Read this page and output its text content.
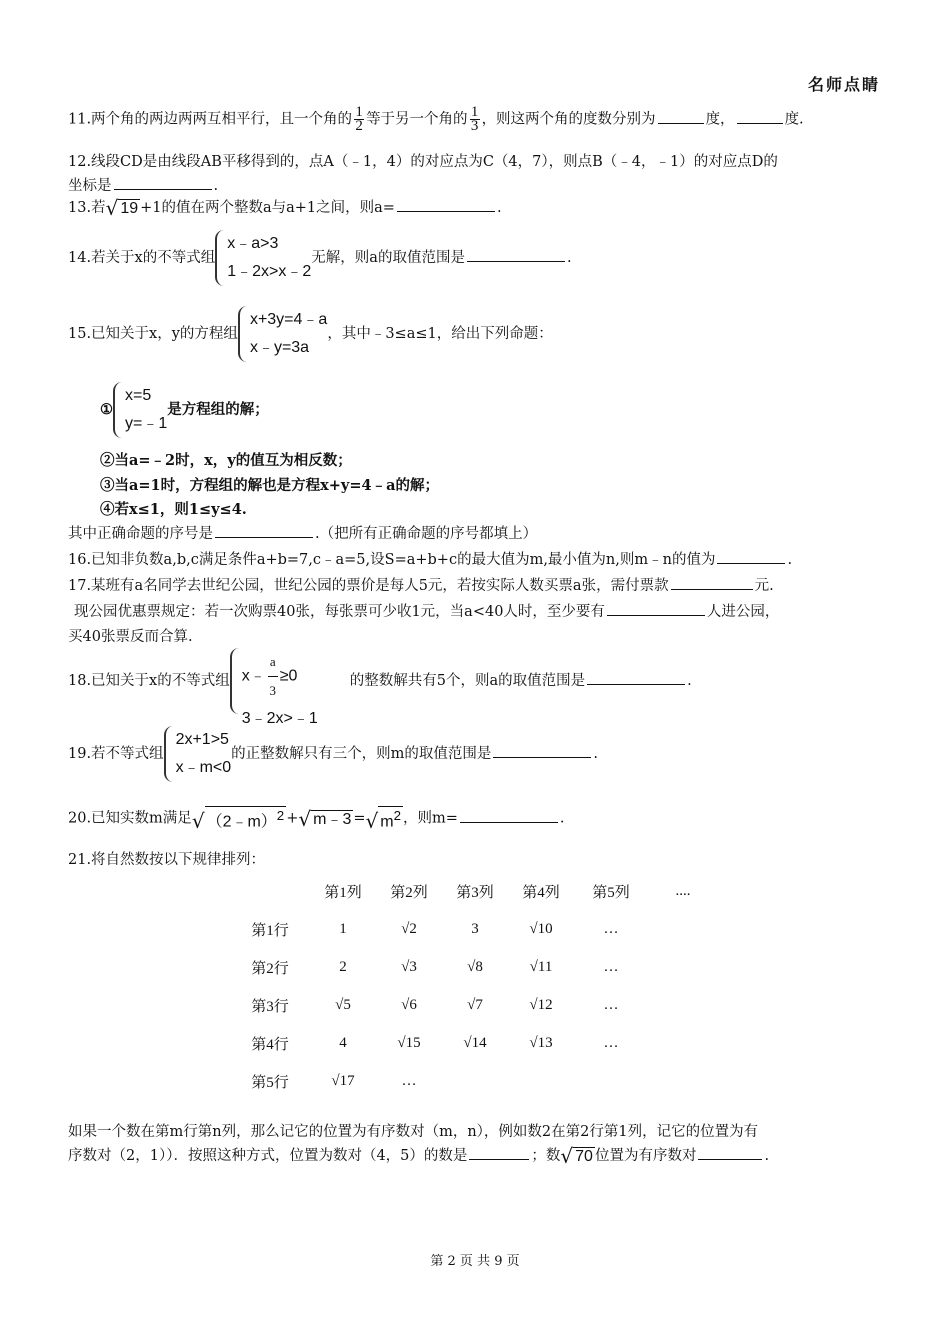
名师点睛
11.两个角的两边两两互相平行，且一个角的 $\frac{1}{2}$ 等于另一个角的 $\frac{1}{3}$ ，则这两个角的度数分别为	度，	度.
12.线段CD是由线段AB平移得到的，点A（﹣1，4）的对应点为C（4，7），则点B（﹣4，﹣1）的对应点D的
坐标是	.
13.若 √ 19 +1的值在两个整数a与a+1之间，则a=	.
14.若关于x的不等式组
x﹣a>3
1﹣2x>x﹣2
无解，则a的取值范围是	.
15.已知关于x，y的方程组
x+3y=4﹣a
x﹣y=3a
，其中﹣3≤a≤1，给出下列命题：
①
x=5
y=﹣1
是方程组的解；
②当a=﹣2时，x，y的值互为相反数；
③当a=1时，方程组的解也是方程x+y=4﹣a的解；
④若x≤1，则1≤y≤4.
其中正确命题的序号是	.（把所有正确命题的序号都填上）
16.已知非负数a,b,c满足条件a+b=7,c﹣a=5,设S=a+b+c的最大值为m,最小值为n,则m﹣n的值为	.
17.某班有a名同学去世纪公园，世纪公园的票价是每人5元，若按实际人数买票a张，需付票款	元.
现公园优惠票规定：若一次购票40张，每张票可少收1元，当a<40人时，至少要有	人进公园，
买40张票反而合算.
18.已知关于x的不等式组 x﹣ $\frac{a}{3} \ge 0$
3﹣2x>﹣1
的整数解共有5个，则a的取值范围是	.
19.若不等式组
2x+1>5
x﹣m<0
的正整数解只有三个，则m的取值范围是	.
20.已知实数m满足 √ （2﹣m）$^2$ + √ m﹣3 = √ $m^2$ ，则m=	.
21.将自然数按以下规律排列：
	第1列	第2列	第3列	第4列	第5列	....
第1行	1	√2	3	√10	…	
第2行	2	√3	√8	√11	…	
第3行	√5	√6	√7	√12	…	
第4行	4	√15	√14	√13	…	
第5行	√17	…				
如果一个数在第m行第n列，那么记它的位置为有序数对（m，n），例如数2在第2行第1列，记它的位置为有
序数对（2，1））．按照这种方式，位置为数对（4，5）的数是	；数 √ 70 位置为有序数对	.
第 2 页 共 9 页
